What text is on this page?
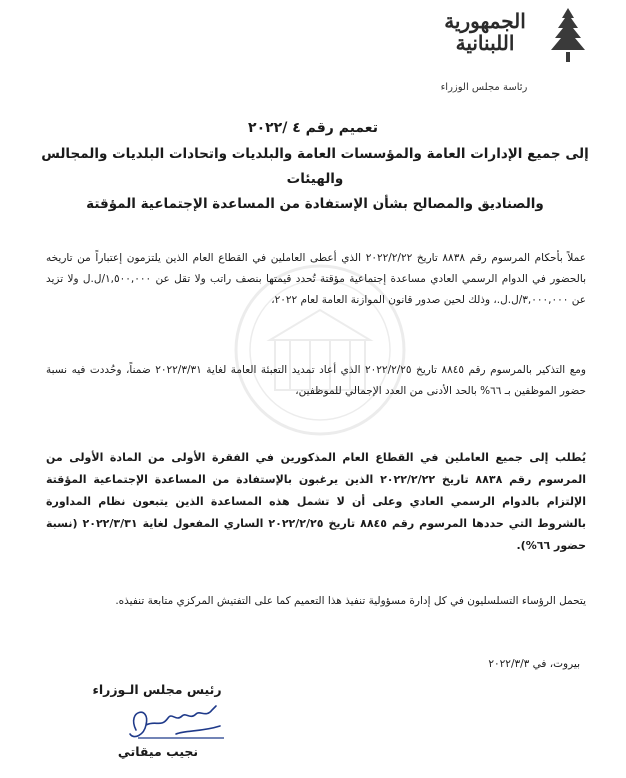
الجمهورية
اللبنانية
رئاسة مجلس الوزراء
تعميم رقم ٤ /٢٠٢٢
إلى جميع الإدارات العامة والمؤسسات العامة والبلديات واتحادات البلديات والمجالس والهيئات
والصناديق والمصالح بشأن الإستفادة من المساعدة الإجتماعية المؤقتة
عملاً بأحكام المرسوم رقم ٨٨٣٨ تاريخ ٢٠٢٢/٢/٢٢ الذي أعطى العاملين في القطاع العام الذين يلتزمون إعتباراً من تاريخه بالحضور في الدوام الرسمي العادي مساعدة إجتماعية مؤقتة تُحدد قيمتها بنصف راتب ولا تقل عن ١,٥٠٠,٠٠٠/ل.ل ولا تزيد عن ٣,٠٠٠,٠٠٠/ل.ل.، وذلك لحين صدور قانون الموازنة العامة لعام ٢٠٢٢،
ومع التذكير بالمرسوم رقم ٨٨٤٥ تاريخ ٢٠٢٢/٢/٢٥ الذي أعاد تمديد التعبئة العامة لغاية ٢٠٢٢/٣/٣١ ضمناً، وحُددت فيه نسبة حضور الموظفين بـ ٦٦% بالحد الأدنى من العدد الإجمالي للموظفين،
يُطلب إلى جميع العاملين في القطاع العام المذكورين في الفقرة الأولى من المادة الأولى من المرسوم رقم ٨٨٣٨ تاريخ ٢٠٢٢/٢/٢٢ الذين يرغبون بالإستفادة من المساعدة الإجتماعية المؤقتة الإلتزام بالدوام الرسمي العادي وعلى أن لا تشمل هذه المساعدة الذين يتبعون نظام المداورة بالشروط التي حددها المرسوم رقم ٨٨٤٥ تاريخ ٢٠٢٢/٢/٢٥ الساري المفعول لغاية ٢٠٢٢/٣/٣١ (نسبة حضور ٦٦%).
يتحمل الرؤساء التسلسليون في كل إدارة مسؤولية تنفيذ هذا التعميم كما على التفتيش المركزي متابعة تنفيذه.
بيروت، في ٢٠٢٢/٣/٣
رئيس مجلس الـوزراء
نجيب ميقاتي
